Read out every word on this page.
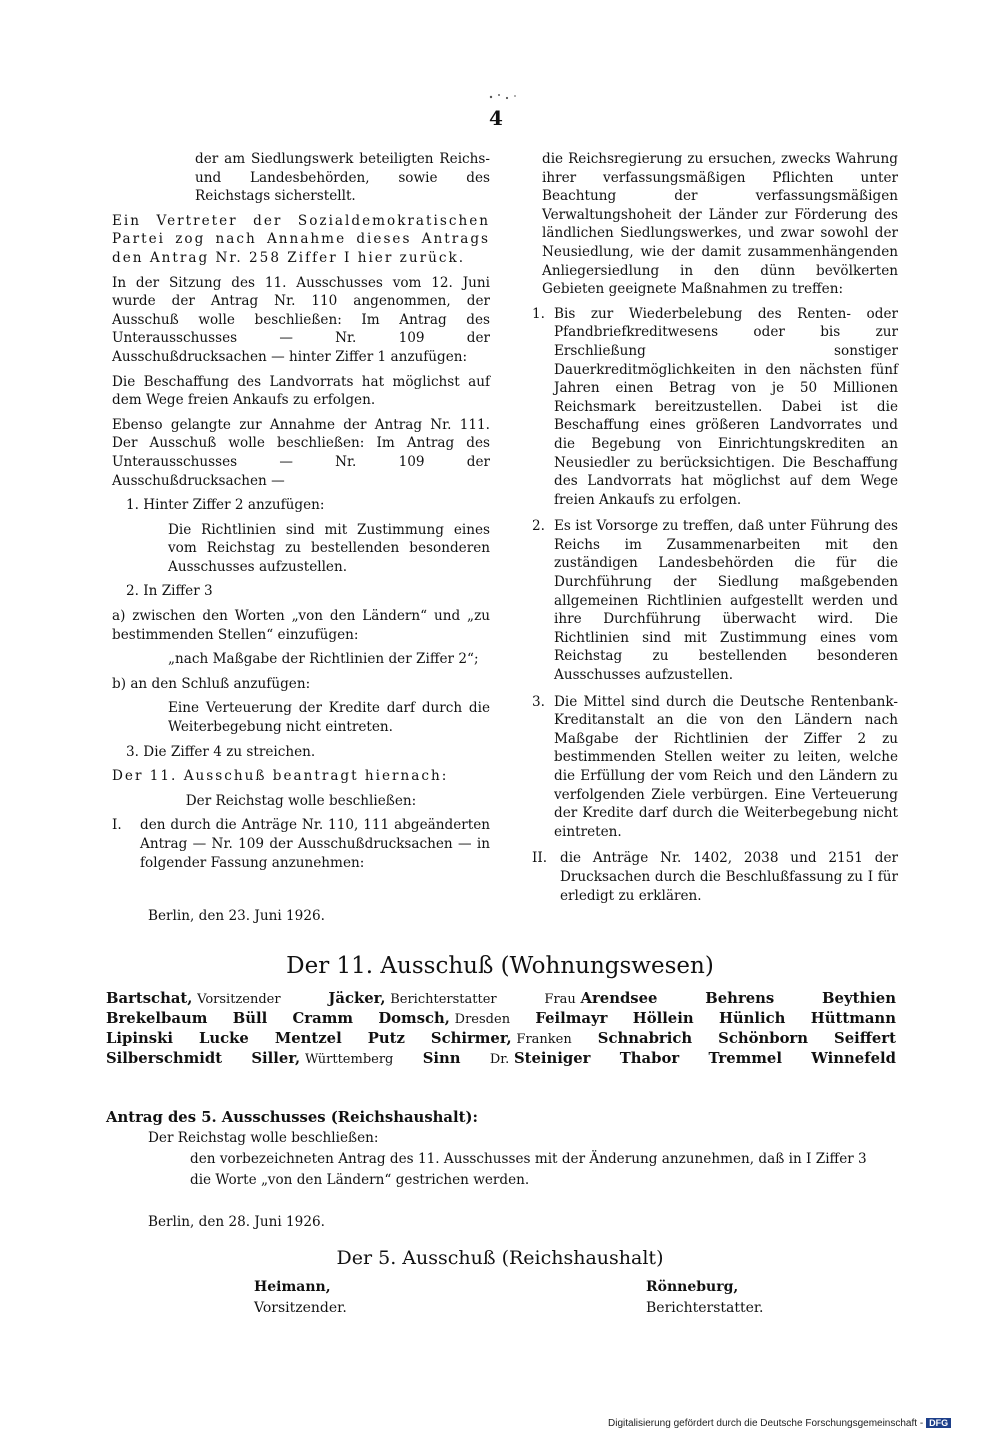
4

der am Siedlungswerk beteiligten Reichs- und Landesbehörden, sowie des Reichstags sicherstellt.

Ein Vertreter der Sozialdemokratischen Partei zog nach Annahme dieses Antrags den Antrag Nr. 258 Ziffer I hier zurück.

In der Sitzung des 11. Ausschusses vom 12. Juni wurde der Antrag Nr. 110 angenommen, der Ausschuß wolle beschließen: Im Antrag des Unterausschusses — Nr. 109 der Ausschußdrucksachen — hinter Ziffer 1 anzufügen:

Die Beschaffung des Landvorrats hat möglichst auf dem Wege freien Ankaufs zu erfolgen.

Ebenso gelangte zur Annahme der Antrag Nr. 111. Der Ausschuß wolle beschließen: Im Antrag des Unterausschusses — Nr. 109 der Ausschußdrucksachen —

1. Hinter Ziffer 2 anzufügen:

Die Richtlinien sind mit Zustimmung eines vom Reichstag zu bestellenden besonderen Ausschusses aufzustellen.

2. In Ziffer 3

a) zwischen den Worten „von den Ländern“ und „zu bestimmenden Stellen“ einzufügen:

„nach Maßgabe der Richtlinien der Ziffer 2“;

b) an den Schluß anzufügen:

Eine Verteuerung der Kredite darf durch die Weiterbegebung nicht eintreten.

3. Die Ziffer 4 zu streichen.

Der 11. Ausschuß beantragt hiernach:

Der Reichstag wolle beschließen:

I.	den durch die Anträge Nr. 110, 111 abgeänderten Antrag — Nr. 109 der Ausschußdrucksachen — in folgender Fassung anzunehmen:

die Reichsregierung zu ersuchen, zwecks Wahrung ihrer verfassungsmäßigen Pflichten unter Beachtung der verfassungsmäßigen Verwaltungshoheit der Länder zur Förderung des ländlichen Siedlungswerkes, und zwar sowohl der Neusiedlung, wie der damit zusammenhängenden Anliegersiedlung in den dünn bevölkerten Gebieten geeignete Maßnahmen zu treffen:

1. Bis zur Wiederbelebung des Renten- oder Pfandbriefkreditwesens oder bis zur Erschließung sonstiger Dauerkreditmöglichkeiten in den nächsten fünf Jahren einen Betrag von je 50 Millionen Reichsmark bereitzustellen. Dabei ist die Beschaffung eines größeren Landvorrates und die Begebung von Einrichtungskrediten an Neusiedler zu berücksichtigen. Die Beschaffung des Landvorrats hat möglichst auf dem Wege freien Ankaufs zu erfolgen.
2. Es ist Vorsorge zu treffen, daß unter Führung des Reichs im Zusammenarbeiten mit den zuständigen Landesbehörden die für die Durchführung der Siedlung maßgebenden allgemeinen Richtlinien aufgestellt werden und ihre Durchführung überwacht wird. Die Richtlinien sind mit Zustimmung eines vom Reichstag zu bestellenden besonderen Ausschusses aufzustellen.
3. Die Mittel sind durch die Deutsche Rentenbank-Kreditanstalt an die von den Ländern nach Maßgabe der Richtlinien der Ziffer 2 zu bestimmenden Stellen weiter zu leiten, welche die Erfüllung der vom Reich und den Ländern zu verfolgenden Ziele verbürgen. Eine Verteuerung der Kredite darf durch die Weiterbegebung nicht eintreten.
II. die Anträge Nr. 1402, 2038 und 2151 der Drucksachen durch die Beschlußfassung zu I für erledigt zu erklären.
Berlin, den 23. Juni 1926.
Der 11. Ausschuß (Wohnungswesen)
Bartschat, Vorsitzender	Jäcker, Berichterstatter	Frau Arendsee	Behrens	Beythien
Brekelbaum Büll Cramm Domsch, Dresden Feilmayr Höllein Hünlich Hüttmann
Lipinski Lucke Mentzel Putz Schirmer, Franken Schnabrich Schönborn Seiffert
Silberschmidt Siller, Württemberg Sinn Dr. Steiniger Thabor Tremmel Winnefeld
Antrag des 5. Ausschusses (Reichshaushalt):
Der Reichstag wolle beschließen:
den vorbezeichneten Antrag des 11. Ausschusses mit der Änderung anzunehmen, daß in I Ziffer 3
die Worte „von den Ländern“ gestrichen werden.
Berlin, den 28. Juni 1926.
Der 5. Ausschuß (Reichshaushalt)
Heimann,
Vorsitzender.
Rönneburg,
Berichterstatter.
Digitalisierung gefördert durch die Deutsche Forschungsgemeinschaft - DFG
